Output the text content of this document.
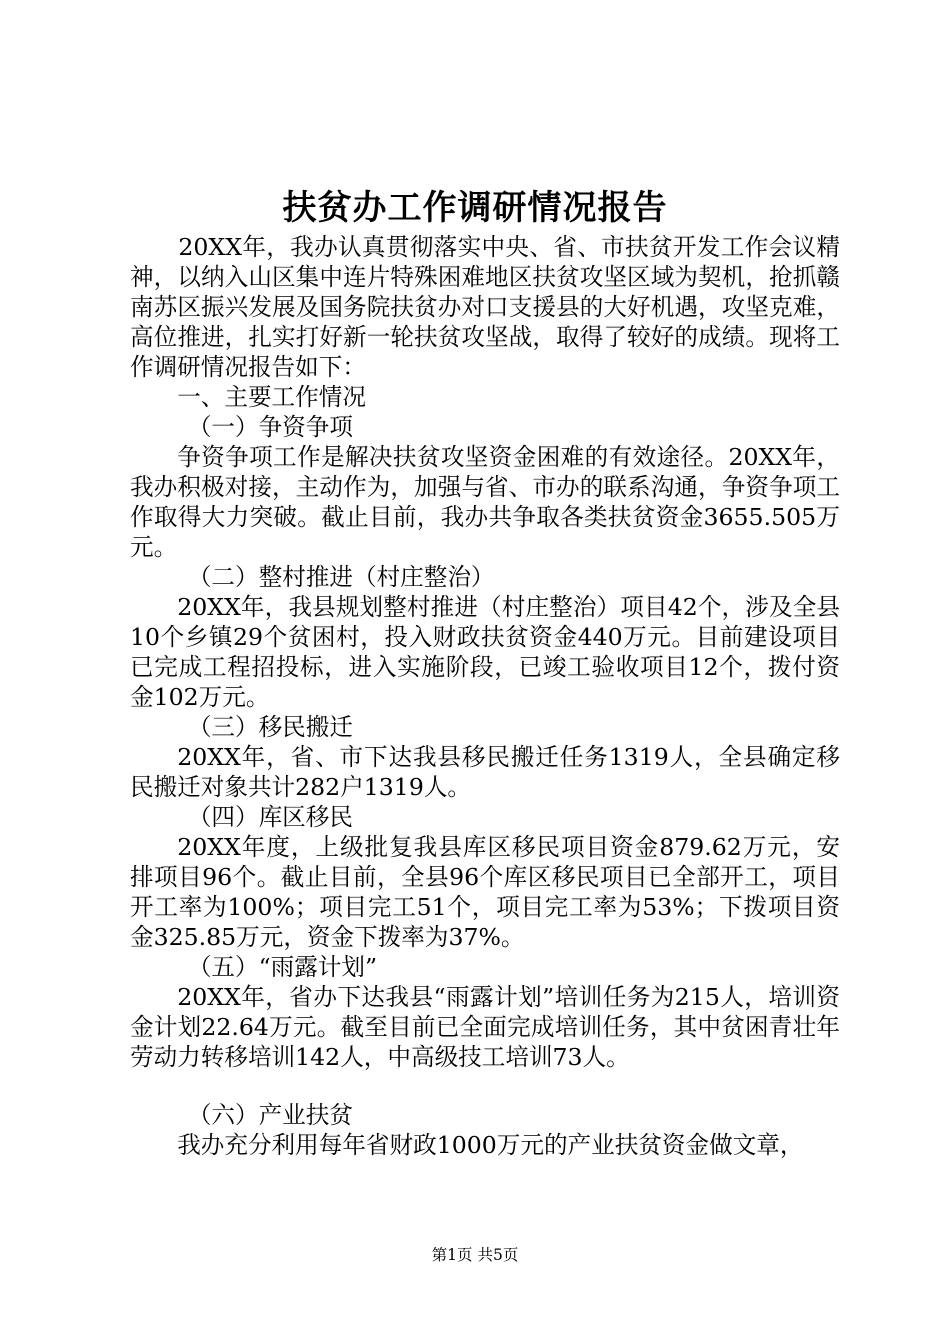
扶贫办工作调研情况报告

20XX年，我办认真贯彻落实中央、省、市扶贫开发工作会议精神，以纳入山区集中连片特殊困难地区扶贫攻坚区域为契机，抢抓赣南苏区振兴发展及国务院扶贫办对口支援县的大好机遇，攻坚克难，高位推进，扎实打好新一轮扶贫攻坚战，取得了较好的成绩。现将工作调研情况报告如下：

一、主要工作情况

（一）争资争项

争资争项工作是解决扶贫攻坚资金困难的有效途径。20XX年，我办积极对接，主动作为，加强与省、市办的联系沟通，争资争项工作取得大力突破。截止目前，我办共争取各类扶贫资金3655.505万元。

（二）整村推进（村庄整治）

20XX年，我县规划整村推进（村庄整治）项目42个，涉及全县10个乡镇29个贫困村，投入财政扶贫资金440万元。目前建设项目已完成工程招投标，进入实施阶段，已竣工验收项目12个，拨付资金102万元。

（三）移民搬迁

20XX年，省、市下达我县移民搬迁任务1319人，全县确定移民搬迁对象共计282户1319人。

（四）库区移民

20XX年度，上级批复我县库区移民项目资金879.62万元，安排项目96个。截止目前，全县96个库区移民项目已全部开工，项目开工率为100%；项目完工51个，项目完工率为53%；下拨项目资金325.85万元，资金下拨率为37%。

（五）“雨露计划”

20XX年，省办下达我县“雨露计划”培训任务为215人，培训资金计划22.64万元。截至目前已全面完成培训任务，其中贫困青壮年劳动力转移培训142人，中高级技工培训73人。

（六）产业扶贫

我办充分利用每年省财政1000万元的产业扶贫资金做文章，

第1页 共5页
